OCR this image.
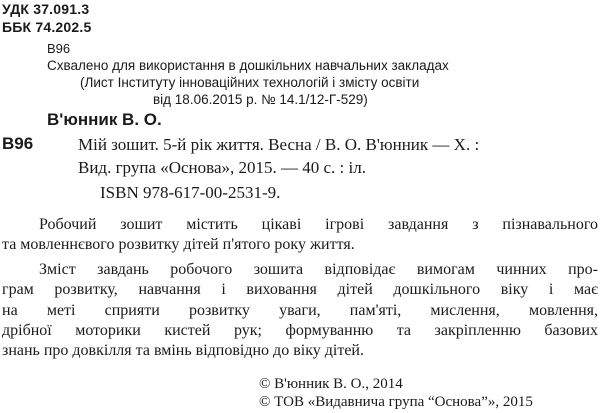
УДК 37.091.3
ББК 74.202.5
В96
Схвалено для використання в дошкільних навчальних закладах
(Лист Інституту інноваційних технологій і змісту освіти
від 18.06.2015 р. № 14.1/12-Г-529)
В'юнник В. О.
В96	Мій зошит. 5-й рік життя. Весна / В. О. В'юнник — Х. :
Вид. група «Основа», 2015. — 40 с. : іл.
ISBN 978-617-00-2531-9.
Робочий зошит містить цікаві ігрові завдання з пізнавального
та мовленнєвого розвитку дітей п'ятого року життя.
Зміст завдань робочого зошита відповідає вимогам чинних про-
грам розвитку, навчання і виховання дітей дошкільного віку і має
на меті сприяти розвитку уваги, пам'яті, мислення, мовлення,
дрібної моторики кистей рук; формуванню та закріпленню базових
знань про довкілля та вмінь відповідно до віку дітей.
© В'юнник В. О., 2014
© ТОВ «Видавнича група “Основа”», 2015
